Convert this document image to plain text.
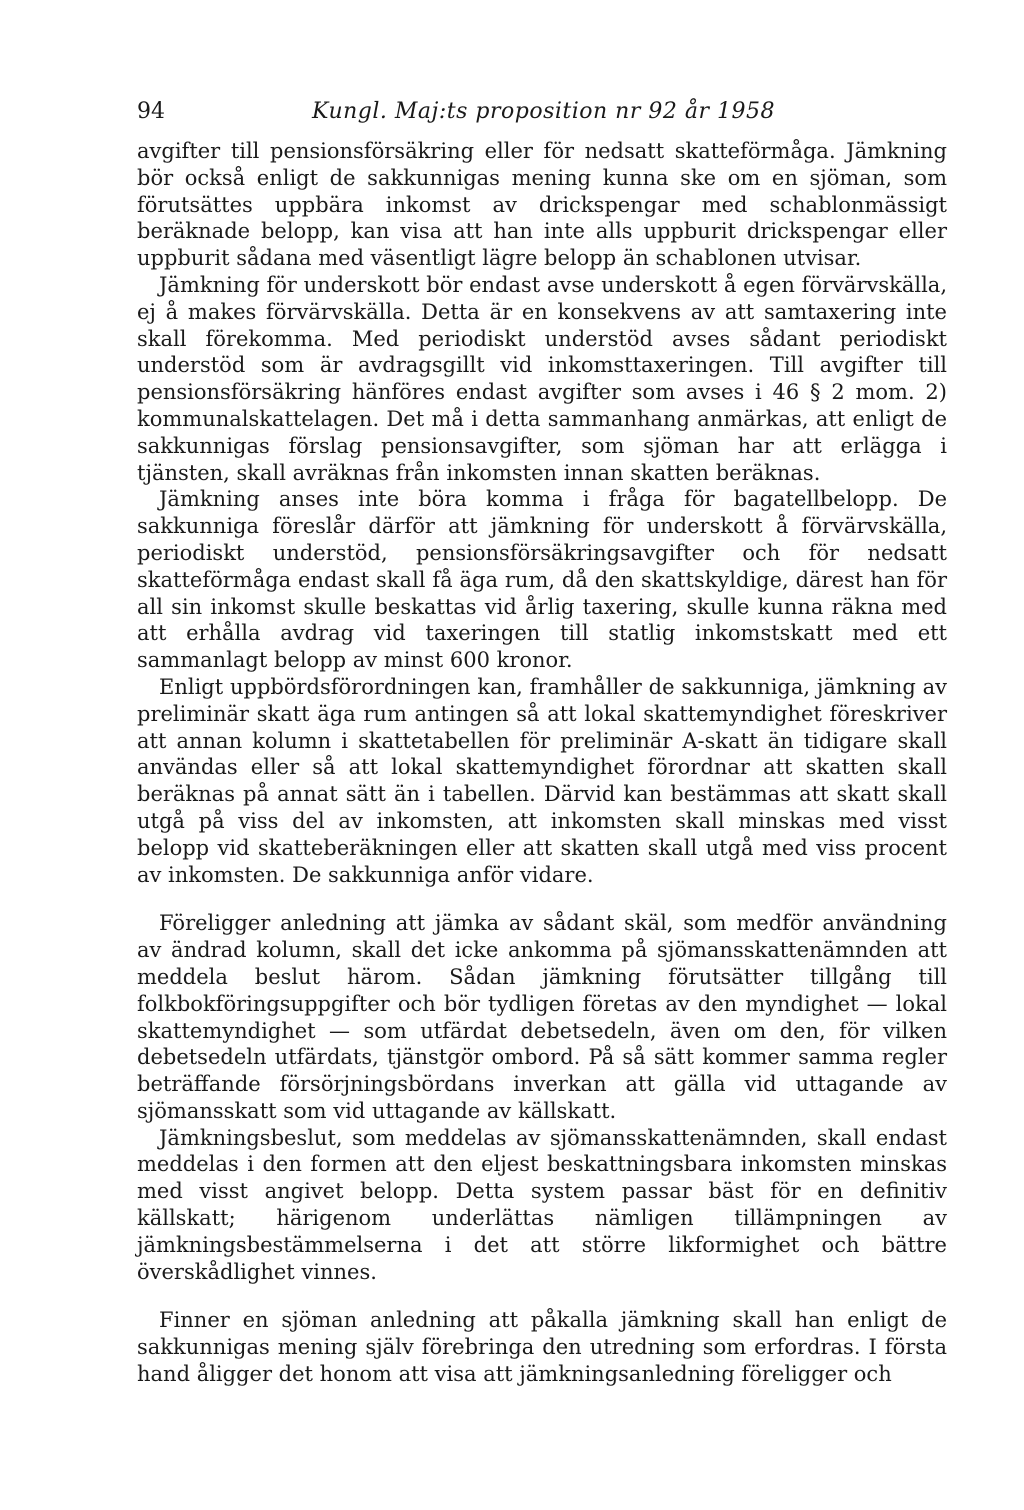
94	Kungl. Maj:ts proposition nr 92 år 1958

avgifter till pensionsförsäkring eller för nedsatt skatteförmåga. Jämkning bör också enligt de sakkunnigas mening kunna ske om en sjöman, som förutsättes uppbära inkomst av drickspengar med schablonmässigt beräknade belopp, kan visa att han inte alls uppburit drickspengar eller uppburit sådana med väsentligt lägre belopp än schablonen utvisar.

Jämkning för underskott bör endast avse underskott å egen förvärvskälla, ej å makes förvärvskälla. Detta är en konsekvens av att samtaxering inte skall förekomma. Med periodiskt understöd avses sådant periodiskt understöd som är avdragsgillt vid inkomsttaxeringen. Till avgifter till pensionsförsäkring hänföres endast avgifter som avses i 46 § 2 mom. 2) kommunalskattelagen. Det må i detta sammanhang anmärkas, att enligt de sakkunnigas förslag pensionsavgifter, som sjöman har att erlägga i tjänsten, skall avräknas från inkomsten innan skatten beräknas.

Jämkning anses inte böra komma i fråga för bagatellbelopp. De sakkunniga föreslår därför att jämkning för underskott å förvärvskälla, periodiskt understöd, pensionsförsäkringsavgifter och för nedsatt skatteförmåga endast skall få äga rum, då den skattskyldige, därest han för all sin inkomst skulle beskattas vid årlig taxering, skulle kunna räkna med att erhålla avdrag vid taxeringen till statlig inkomstskatt med ett sammanlagt belopp av minst 600 kronor.

Enligt uppbördsförordningen kan, framhåller de sakkunniga, jämkning av preliminär skatt äga rum antingen så att lokal skattemyndighet föreskriver att annan kolumn i skattetabellen för preliminär A-skatt än tidigare skall användas eller så att lokal skattemyndighet förordnar att skatten skall beräknas på annat sätt än i tabellen. Därvid kan bestämmas att skatt skall utgå på viss del av inkomsten, att inkomsten skall minskas med visst belopp vid skatteberäkningen eller att skatten skall utgå med viss procent av inkomsten. De sakkunniga anför vidare.

Föreligger anledning att jämka av sådant skäl, som medför användning av ändrad kolumn, skall det icke ankomma på sjömansskattenämnden att meddela beslut härom. Sådan jämkning förutsätter tillgång till folkbokföringsuppgifter och bör tydligen företas av den myndighet — lokal skattemyndighet — som utfärdat debetsedeln, även om den, för vilken debetsedeln utfärdats, tjänstgör ombord. På så sätt kommer samma regler beträffande försörjningsbördans inverkan att gälla vid uttagande av sjömansskatt som vid uttagande av källskatt.

Jämkningsbeslut, som meddelas av sjömansskattenämnden, skall endast meddelas i den formen att den eljest beskattningsbara inkomsten minskas med visst angivet belopp. Detta system passar bäst för en definitiv källskatt; härigenom underlättas nämligen tillämpningen av jämkningsbestämmelserna i det att större likformighet och bättre överskådlighet vinnes.

Finner en sjöman anledning att påkalla jämkning skall han enligt de sakkunnigas mening själv förebringa den utredning som erfordras. I första hand åligger det honom att visa att jämkningsanledning föreligger och
